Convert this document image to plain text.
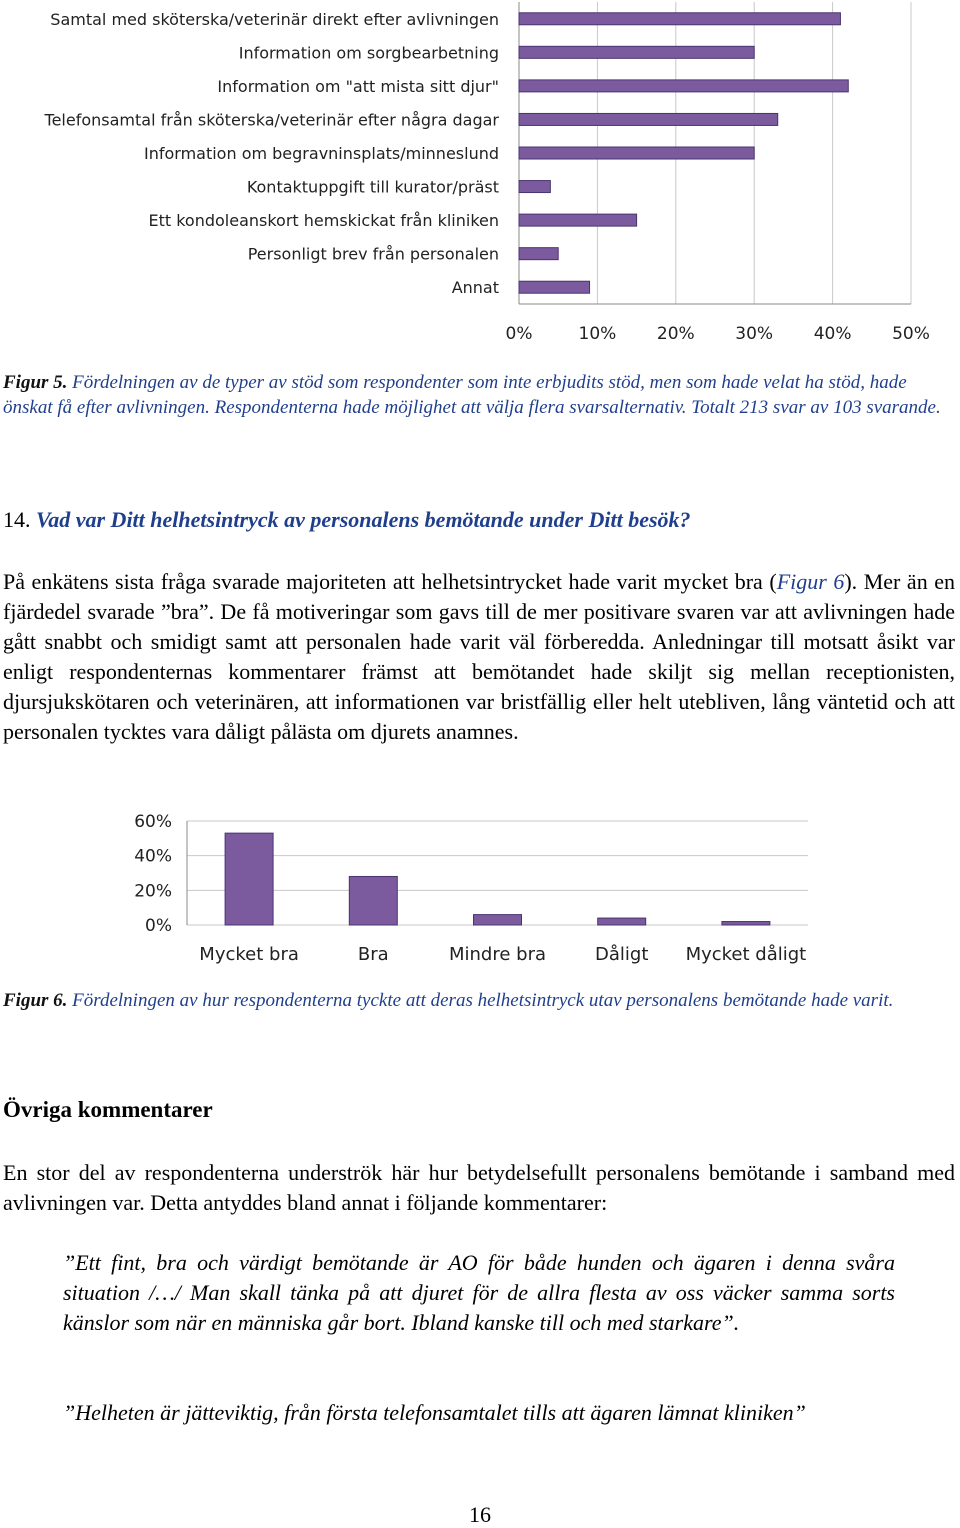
0%	10% 20% 30% 40% 50%
Samtal med sköterska/veterinär direkt efter avlivningen
Information om sorgbearbetning
Information om "att mista sitt djur"
Telefonsamtal från sköterska/veterinär efter några dagar
Information om begravninsplats/minneslund
Kontaktuppgift till kurator/präst
Ett kondoleanskort hemskickat från kliniken
Personligt brev från personalen
Annat
Figur 5. Fördelningen av de typer av stöd som respondenter som inte erbjudits stöd, men som hade velat ha stöd, hade önskat få efter avlivningen. Respondenterna hade möjlighet att välja flera svarsalternativ. Totalt 213 svar av 103 svarande.
14. Vad var Ditt helhetsintryck av personalens bemötande under Ditt besök?
På enkätens sista fråga svarade majoriteten att helhetsintrycket hade varit mycket bra (Figur 6). Mer än en fjärdedel svarade ”bra”. De få motiveringar som gavs till de mer positivare svaren var att avlivningen hade gått snabbt och smidigt samt att personalen hade varit väl förberedda. Anledningar till motsatt åsikt var enligt respondenternas kommentarer främst att bemötandet hade skiljt sig mellan receptionisten, djursjukskötaren och veterinären, att informationen var bristfällig eller helt utebliven, lång väntetid och att personalen tycktes vara dåligt pålästa om djurets anamnes.
0%
20%
40%
60%
Mycket bra	Bra	Mindre bra	Dåligt Mycket dåligt
Figur 6. Fördelningen av hur respondenterna tyckte att deras helhetsintryck utav personalens bemötande hade varit.
Övriga kommentarer
En stor del av respondenterna underströk här hur betydelsefullt personalens bemötande i samband med avlivningen var. Detta antyddes bland annat i följande kommentarer:
”Ett fint, bra och värdigt bemötande är AO för både hunden och ägaren i denna svåra situation /…/ Man skall tänka på att djuret för de allra flesta av oss väcker samma sorts känslor som när en människa går bort. Ibland kanske till och med starkare”.
”Helheten är jätteviktig, från första telefonsamtalet tills att ägaren lämnat kliniken”
16
